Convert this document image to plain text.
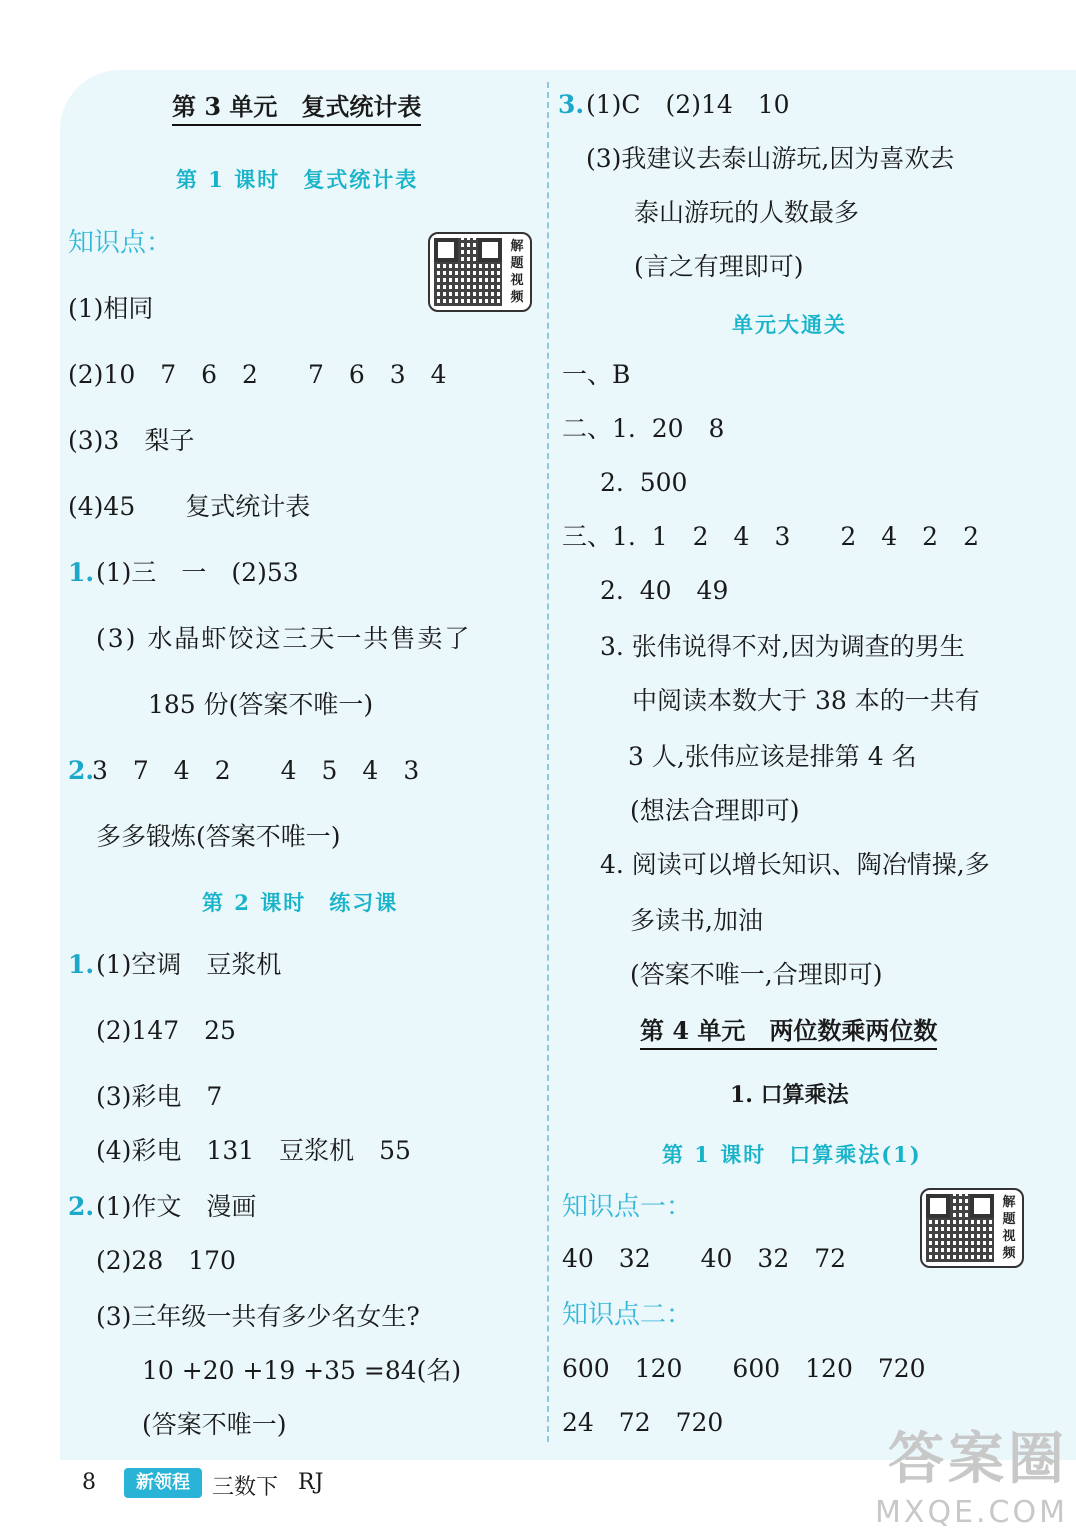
第 3 单元　复式统计表
第 1 课时　复式统计表
知识点：	解题视频
(1)相同
(2)10　7　6　2　　7　6　3　4
(3)3　梨子
(4)45　　复式统计表
1. (1)三　一　(2)53
(3) 水晶虾饺这三天一共售卖了
185 份(答案不唯一)
2.
3　7　4　2　　4　5　4　3
多多锻炼(答案不唯一)
第 2 课时　练习课
1. (1)空调　豆浆机
(2)147　25
(3)彩电　7
(4)彩电　131　豆浆机　55
2. (1)作文　漫画
(2)28　170
(3)三年级一共有多少名女生?
10 +20 +19 +35 =84(名)
(答案不唯一)
3. (1)C　(2)14　10
(3)我建议去泰山游玩,因为喜欢去
泰山游玩的人数最多
(言之有理即可)
单元大通关
一、B
二、1.  20　8
2.  500
三、1.  1　2　4　3　　2　4　2　2
2.  40　49
3. 张伟说得不对,因为调查的男生
中阅读本数大于 38 本的一共有
3 人,张伟应该是排第 4 名
(想法合理即可)
4. 阅读可以增长知识、陶冶情操,多
多读书,加油
(答案不唯一,合理即可)
第 4 单元　两位数乘两位数
1. 口算乘法
第 1 课时　口算乘法(1)
知识点一：	解题视频
40　32　　40　32　72
知识点二：
600　120　　600　120　720
24　72　720
8	新领程	三数下 RJ	答案圈
MXQE.COM
